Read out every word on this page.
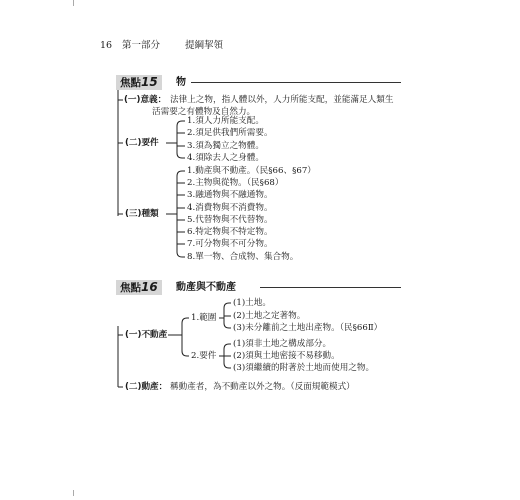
16 第一部分	提綱挈領
焦點15	物
(一)意義： 法律上之物，指人體以外，人力所能支配，並能滿足人類生
活需要之有體物及自然力。
(二)要件
1.須人力所能支配。
2.須足供我們所需要。
3.須為獨立之物體。
4.須除去人之身體。
(三)種類
1.動產與不動產。（民§66、§67）
2.主物與從物。（民§68）
3.融通物與不融通物。
4.消費物與不消費物。
5.代替物與不代替物。
6.特定物與不特定物。
7.可分物與不可分物。
8.單一物、合成物、集合物。
焦點16	動產與不動產
(一)不動產
1.範圍
(1)土地。
(2)土地之定著物。
(3)未分離前之土地出產物。（民§66Ⅱ）
2.要件
(1)須非土地之構成部分。
(2)須與土地密接不易移動。
(3)須繼續的附著於土地而使用之物。
(二)動產： 稱動產者，為不動產以外之物。（反面規範模式）
